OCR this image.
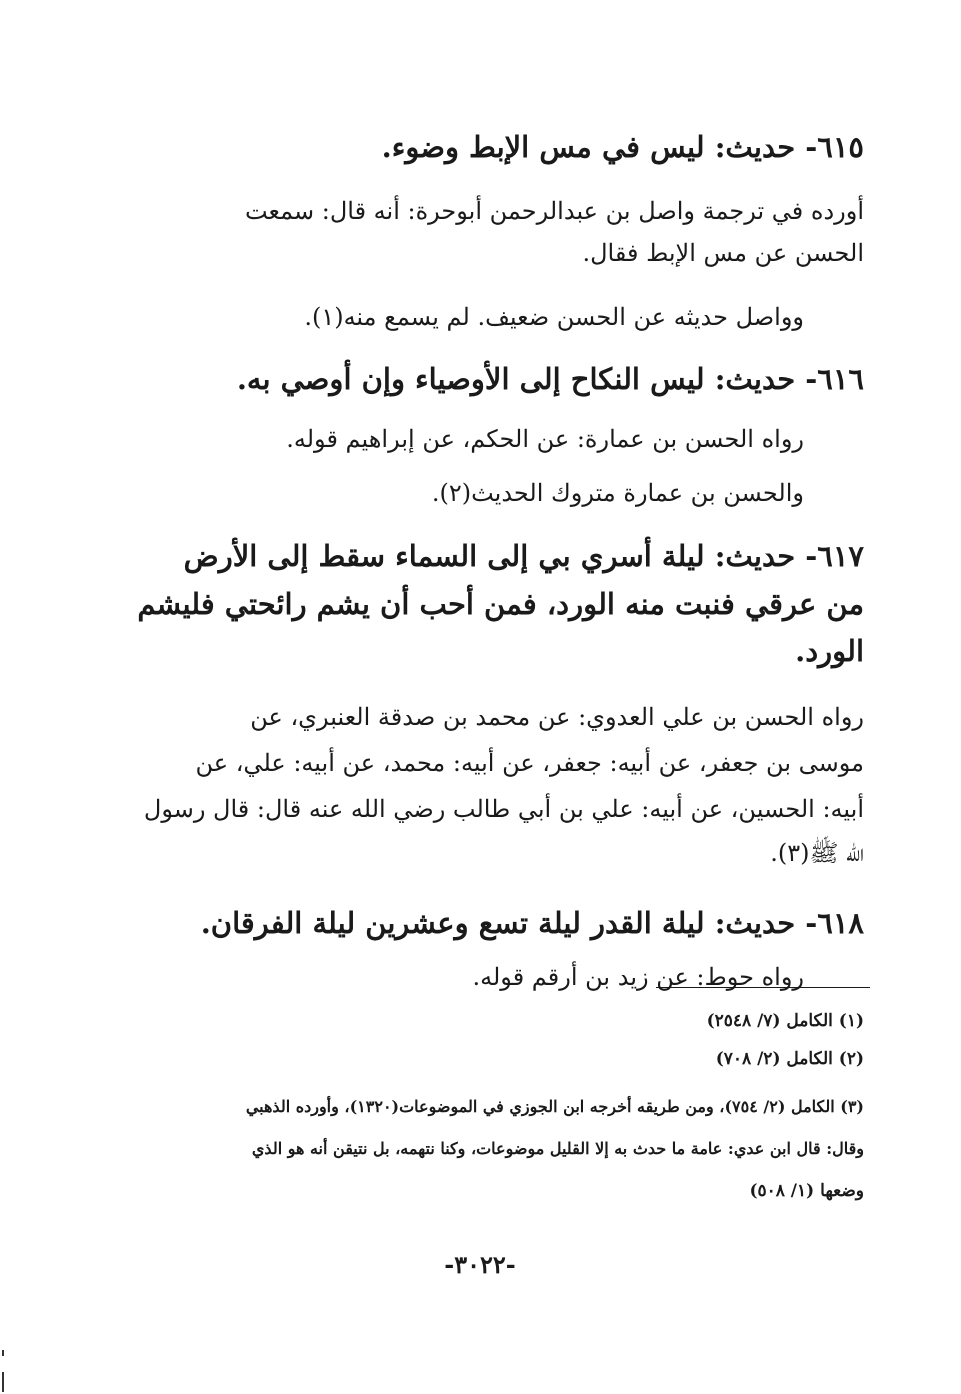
٦١٥- حديث: ليس في مس الإبط وضوء.
أورده في ترجمة واصل بن عبدالرحمن أبوحرة: أنه قال: سمعت
الحسن عن مس الإبط فقال.
وواصل حديثه عن الحسن ضعيف. لم يسمع منه(١).
٦١٦- حديث: ليس النكاح إلى الأوصياء وإن أوصي به.
رواه الحسن بن عمارة: عن الحكم، عن إبراهيم قوله.
والحسن بن عمارة متروك الحديث(٢).
٦١٧- حديث: ليلة أسري بي إلى السماء سقط إلى الأرض
من عرقي فنبت منه الورد، فمن أحب أن يشم رائحتي فليشم
الورد.
رواه الحسن بن علي العدوي: عن محمد بن صدقة العنبري، عن
موسى بن جعفر، عن أبيه: جعفر، عن أبيه: محمد، عن أبيه: علي، عن
أبيه: الحسين، عن أبيه: علي بن أبي طالب رضي الله عنه قال: قال رسول
الله ﷺ(٣).
٦١٨- حديث: ليلة القدر ليلة تسع وعشرين ليلة الفرقان.
رواه حوط: عن زيد بن أرقم قوله.
(١) الكامل (٧/ ٢٥٤٨)
(٢) الكامل (٢/ ٧٠٨)
(٣) الكامل (٢/ ٧٥٤)، ومن طريقه أخرجه ابن الجوزي في الموضوعات(١٣٢٠)، وأورده الذهبي
وقال: قال ابن عدي: عامة ما حدث به إلا القليل موضوعات، وكنا نتهمه، بل نتيقن أنه هو الذي
وضعها (١/ ٥٠٨)
-٣٠٢٢-
